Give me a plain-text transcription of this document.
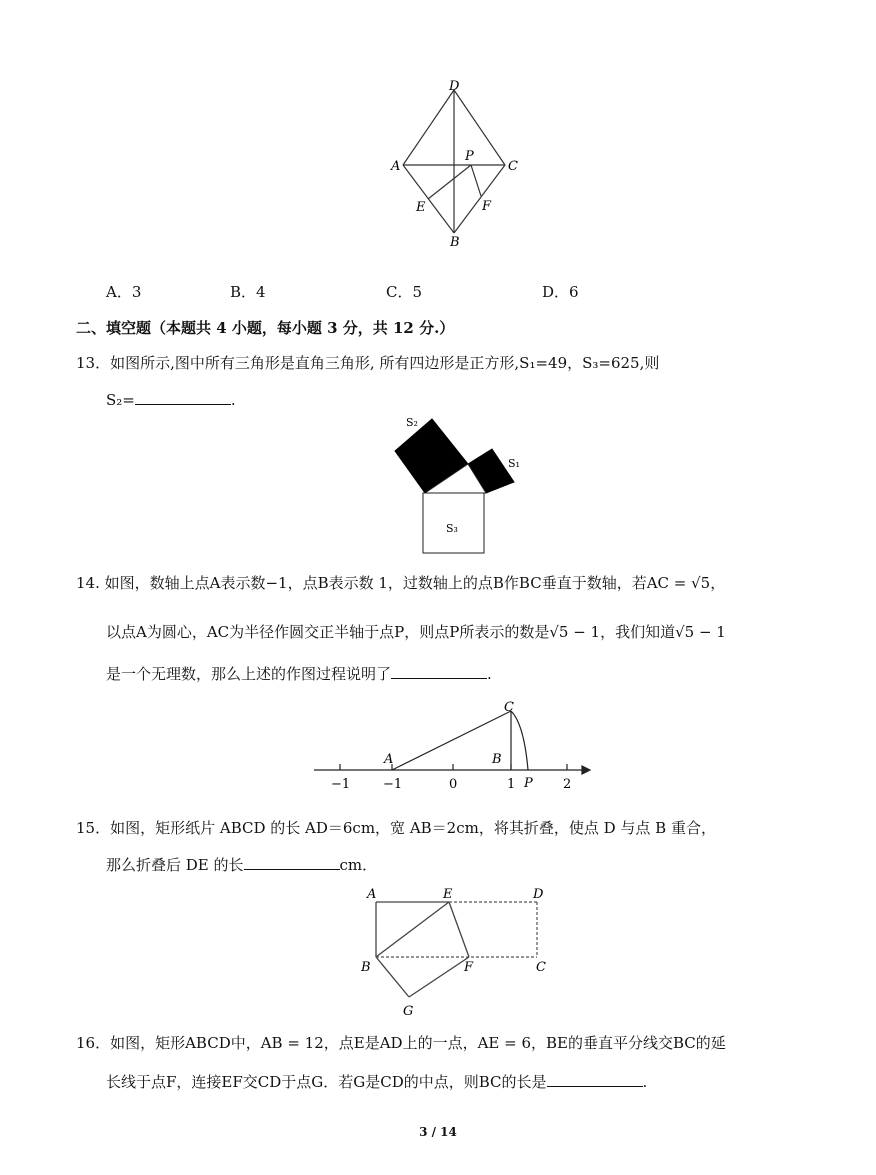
D
A
P
C
E	F
B
A．3	B．4	C．5	D．6
二、填空题（本题共 4 小题，每小题 3 分，共 12 分.）
13．如图所示,图中所有三角形是直角三角形, 所有四边形是正方形,S₁=49，S₃=625,则
S₂=	.
S₂
S₁
S₃
14. 如图，数轴上点A表示数−1，点B表示数 1，过数轴上的点B作BC垂直于数轴，若AC = √5，
以点A为圆心，AC为半径作圆交正半轴于点P，则点P所表示的数是√5 − 1，我们知道√5 − 1
是一个无理数，那么上述的作图过程说明了	.
C
A	B
P
−1	−1	0	1	2
15．如图，矩形纸片 ABCD 的长 AD＝6cm，宽 AB＝2cm，将其折叠，使点 D 与点 B 重合，
那么折叠后 DE 的长	cm．
A	E	D
B	F	C
G
16．如图，矩形ABCD中，AB = 12，点E是AD上的一点，AE = 6，BE的垂直平分线交BC的延
长线于点F，连接EF交CD于点G．若G是CD的中点，则BC的长是	.
3 / 14
